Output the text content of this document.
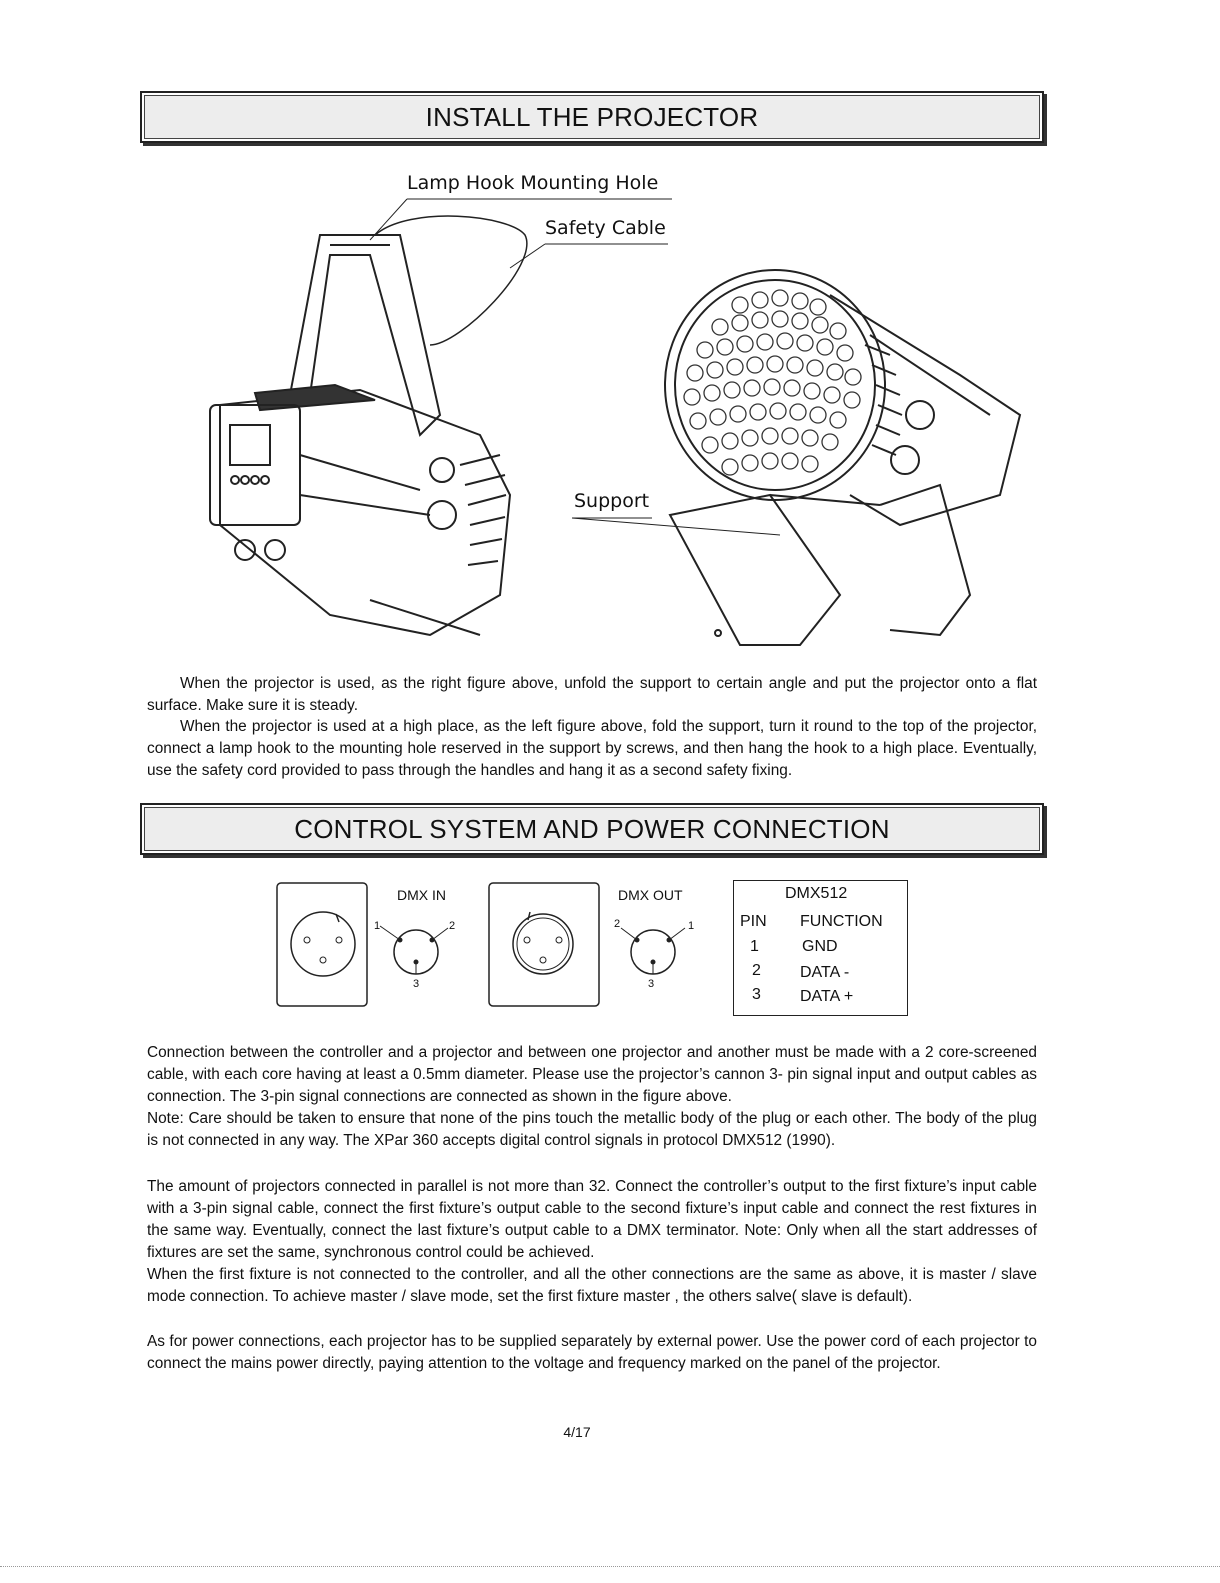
INSTALL THE PROJECTOR
Lamp Hook Mounting Hole
Safety Cable
Support

When the projector is used, as the right figure above, unfold the support to certain angle and put the projector onto a flat surface. Make sure it is steady.

When the projector is used at a high place, as the left figure above, fold the support, turn it round to the top of the projector, connect a lamp hook to the mounting hole reserved in the support by screws, and then hang the hook to a high place. Eventually, use the safety cord provided to pass through the handles and hang it as a second safety fixing.

CONTROL SYSTEM AND POWER CONNECTION
DMX IN
1	2
3
DMX OUT
2	1
3
DMX512
PIN FUNCTION
1	GND
2 DATA -
3 DATA +

Connection between the controller and a projector and between one projector and another must be made with a 2 core-screened cable, with each core having at least a 0.5mm diameter. Please use the projector’s cannon 3- pin signal input and output cables as connection. The 3-pin signal connections are connected as shown in the figure above.

Note: Care should be taken to ensure that none of the pins touch the metallic body of the plug or each other. The body of the plug is not connected in any way. The XPar 360 accepts digital control signals in protocol DMX512 (1990).

The amount of projectors connected in parallel is not more than 32. Connect the controller’s output to the first fixture’s input cable with a 3-pin signal cable, connect the first fixture’s output cable to the second fixture’s input cable and connect the rest fixtures in the same way. Eventually, connect the last fixture’s output cable to a DMX terminator. Note: Only when all the start addresses of fixtures are set the same, synchronous control could be achieved.

When the first fixture is not connected to the controller, and all the other connections are the same as above, it is master / slave mode connection. To achieve master / slave mode, set the first fixture master , the others salve( slave is default).

As for power connections, each projector has to be supplied separately by external power. Use the power cord of each projector to connect the mains power directly, paying attention to the voltage and frequency marked on the panel of the projector.

4/17
